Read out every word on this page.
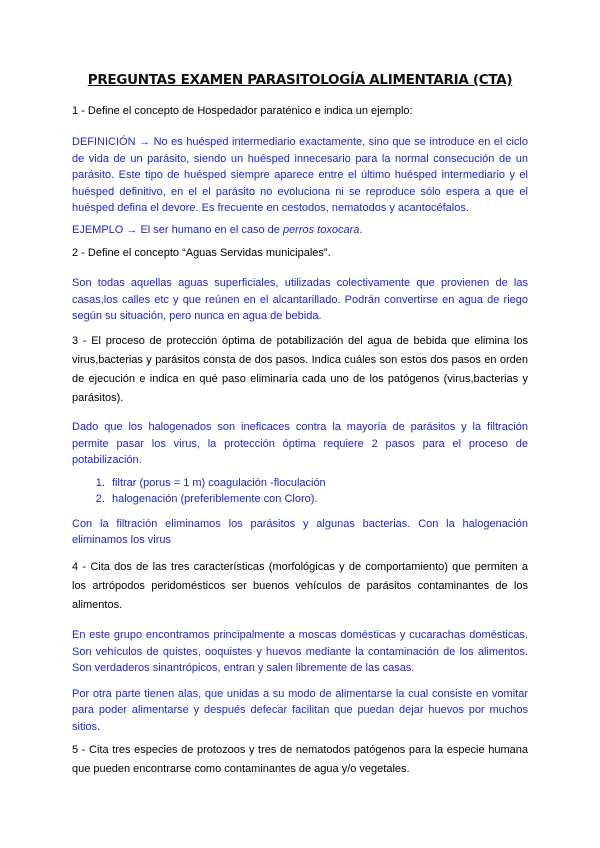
PREGUNTAS EXAMEN PARASITOLOGÍA ALIMENTARIA (CTA)

1 - Define el concepto de Hospedador paraténico e indica un ejemplo:

DEFINICIÓN → No es huésped intermediario exactamente, sino que se introduce en el ciclo de vida de un parásito, siendo un huésped innecesario para la normal consecución de un parásito. Este tipo de huésped siempre aparece entre el último huésped intermediario y el huésped definitivo, en el el parásito no evoluciona ni se reproduce sólo espera a que el huésped defina el devore. Es frecuente en cestodos, nematodos y acantocéfalos.

EJEMPLO → El ser humano en el caso de perros toxocara.

2 - Define el concepto “Aguas Servidas municipales”.

Son todas aquellas aguas superficiales, utilizadas colectivamente que provienen de las casas,los calles etc y que reúnen en el alcantarillado. Podrán convertirse en agua de riego según su situación, pero nunca en agua de bebida.

3 - El proceso de protección óptima de potabilización del agua de bebida que elimina los virus,bacterias y parásitos consta de dos pasos. Indica cuáles son estos dos pasos en orden de ejecución e indica en qué paso eliminaría cada uno de los patógenos (virus,bacterias y parásitos).

Dado que los halogenados son ineficaces contra la mayoría de parásitos y la filtración permite pasar los virus, la protección óptima requiere 2 pasos para el proceso de potabilización.

1. filtrar (porus = 1 m) coagulación -floculación
2. halogenación (preferiblemente con Cloro).

Con la filtración eliminamos los parásitos y algunas bacterias. Con la halogenación eliminamos los virus

4 - Cita dos de las tres características (morfológicas y de comportamiento) que permiten a los artrópodos peridomésticos ser buenos vehículos de parásitos contaminantes de los alimentos.

En este grupo encontramos principalmente a moscas domésticas y cucarachas domésticas. Son vehículos de quistes, ooquistes y huevos mediante la contaminación de los alimentos. Son verdaderos sinantrópicos, entran y salen libremente de las casas.

Por otra parte tienen alas, que unidas a su modo de alimentarse la cual consiste en vomitar para poder alimentarse y después defecar facilitan que puedan dejar huevos por muchos sitios.

5 - Cita tres especies de protozoos y tres de nematodos patógenos para la especie humana que pueden encontrarse como contaminantes de agua y/o vegetales.
